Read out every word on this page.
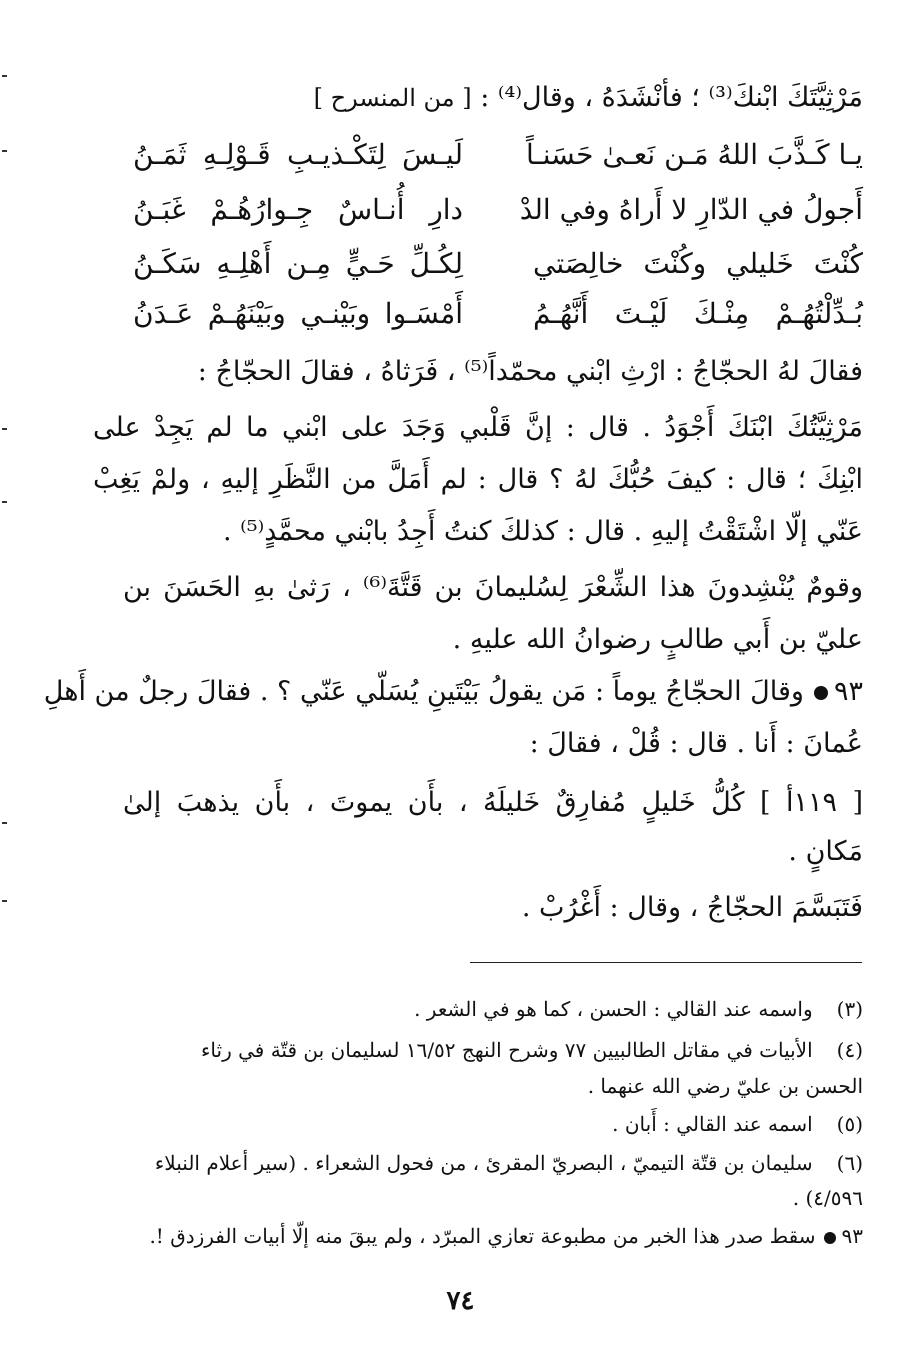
مَرْثِيَّتَكَ ابْنكَ⁽³⁾ ؛ فأنْشَدَهُ ، وقال⁽⁴⁾ : [ من المنسرح ]
يـا كَـذَّبَ اللهُ مَـن نَعـىٰ حَسَنـاً
لَيـسَ لِتَكْـذيـبِ قَـوْلِـهِ ثَمَـنُ
أَجولُ في الدّارِ لا أَراهُ وفي الدْ
دارِ أُنـاسٌ جِـوارُهُـمْ غَبَـنُ
كُنْتَ خَليلي وكُنْتَ خالِصَتي
لِكُـلِّ حَـيٍّ مِـن أَهْلِـهِ سَكَـنُ
بُـدِّلْتُهُـمْ مِنْـكَ لَيْـتَ أَنَّهُـمُ
أَمْسَـوا وبَيْنـي وبَيْنَهُـمْ عَـدَنُ
فقالَ لهُ الحجّاجُ : ارْثِ ابْني محمّداً⁽⁵⁾ ، فَرَثاهُ ، فقالَ الحجّاجُ :
مَرْثِيَّتُكَ ابْنَكَ أَجْوَدُ . قال : إنَّ قَلْبي وَجَدَ على ابْني ما لم يَجِدْ على
ابْنِكَ ؛ قال : كيفَ حُبُّكَ لهُ ؟ قال : لم أَمَلَّ من النَّظَرِ إليهِ ، ولمْ يَغِبْ
عَنّي إلّا اشْتَقْتُ إليهِ . قال : كذلكَ كنتُ أَجِدُ بابْني محمَّدٍ⁽⁵⁾ .
وقومٌ يُنْشِدونَ هذا الشِّعْرَ لِسُليمانَ بن قَتَّةَ⁽⁶⁾ ، رَثىٰ بهِ الحَسَنَ بن
عليّ بن أَبي طالبٍ رضوانُ الله عليهِ .
٩٣وقالَ الحجّاجُ يوماً : مَن يقولُ بَيْتَينِ يُسَلّي عَنّي ؟ . فقالَ رجلٌ من أَهلِ
عُمانَ : أَنا . قال : قُلْ ، فقالَ :
[ ١١٩أ ] كُلُّ خَليلٍ مُفارِقٌ خَليلَهُ ، بأَن يموتَ ، بأَن يذهبَ إلىٰ
مَكانٍ .
فَتَبَسَّمَ الحجّاجُ ، وقال : أَغْرُبْ .
(٣) واسمه عند القالي : الحسن ، كما هو في الشعر .
(٤) الأبيات في مقاتل الطالبيين ٧٧ وشرح النهج ١٦/٥٢ لسليمان بن قتّة في رثاء
الحسن بن عليّ رضي الله عنهما .
(٥) اسمه عند القالي : أَبان .
(٦) سليمان بن قتّة التيميّ ، البصريّ المقرئ ، من فحول الشعراء . (سير أعلام النبلاء
٤/٥٩٦) .
٩٣سقط صدر هذا الخبر من مطبوعة تعازي المبرّد ، ولم يبقَ منه إلّا أبيات الفرزدق !.
٧٤
